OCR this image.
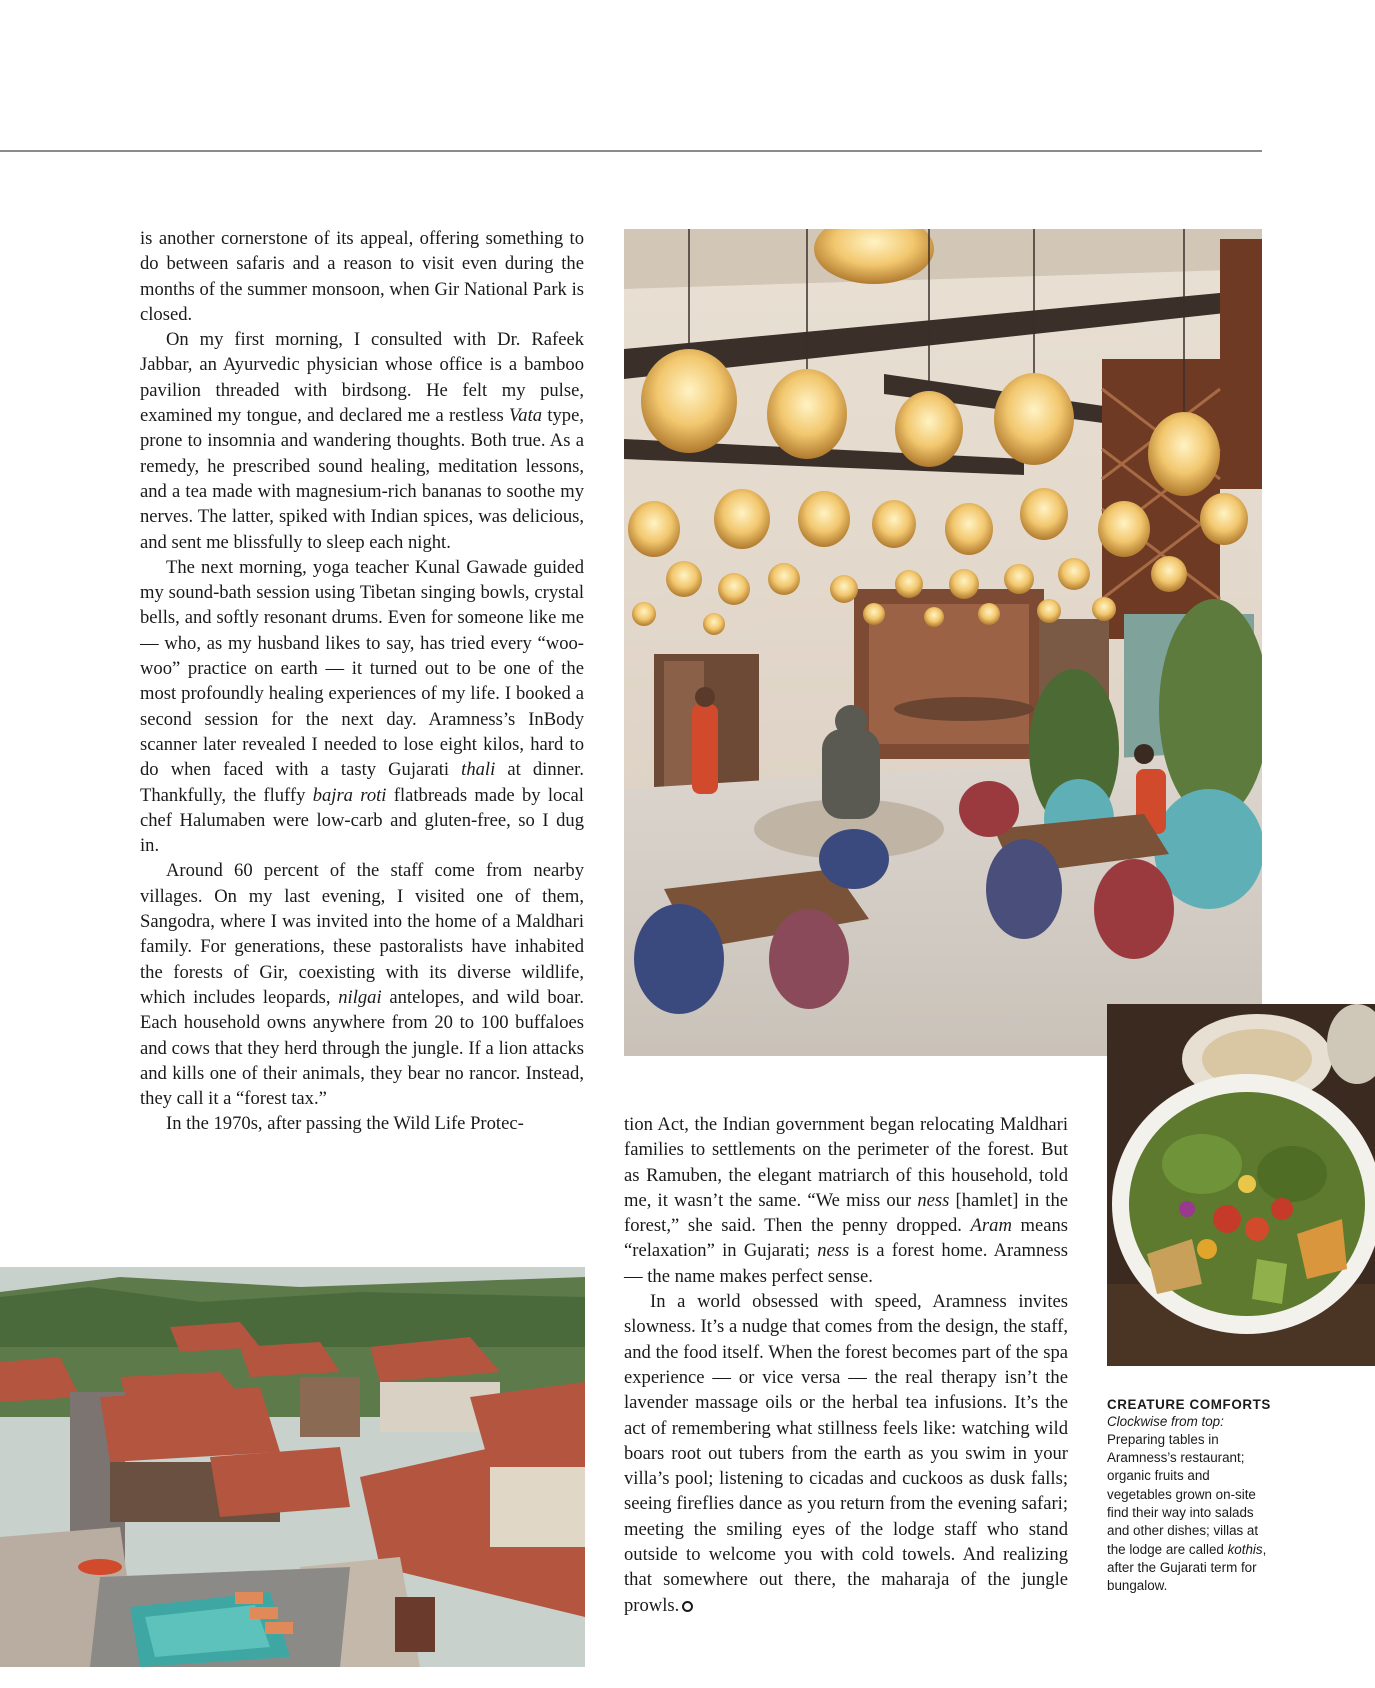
is another cornerstone of its appeal, offering something to do between safaris and a reason to visit even during the months of the summer monsoon, when Gir National Park is closed.

On my first morning, I consulted with Dr. Rafeek Jabbar, an Ayurvedic physician whose office is a bamboo pavilion threaded with birdsong. He felt my pulse, examined my tongue, and declared me a restless Vata type, prone to insomnia and wandering thoughts. Both true. As a remedy, he prescribed sound healing, meditation lessons, and a tea made with magnesium-rich bananas to soothe my nerves. The latter, spiked with Indian spices, was delicious, and sent me blissfully to sleep each night.

The next morning, yoga teacher Kunal Gawade guided my sound-bath session using Tibetan singing bowls, crystal bells, and softly resonant drums. Even for someone like me — who, as my husband likes to say, has tried every “woo-woo” practice on earth — it turned out to be one of the most profoundly healing experiences of my life. I booked a second session for the next day. Aramness’s InBody scanner later revealed I needed to lose eight kilos, hard to do when faced with a tasty Gujarati thali at dinner. Thankfully, the fluffy bajra roti flatbreads made by local chef Halumaben were low-carb and gluten-free, so I dug in.

Around 60 percent of the staff come from nearby villages. On my last evening, I visited one of them, Sangodra, where I was invited into the home of a Maldhari family. For generations, these pastoralists have inhabited the forests of Gir, coexisting with its diverse wildlife, which includes leopards, nilgai antelopes, and wild boar. Each household owns anywhere from 20 to 100 buffaloes and cows that they herd through the jungle. If a lion attacks and kills one of their animals, they bear no rancor. Instead, they call it a “forest tax.”

In the 1970s, after passing the Wild Life Protec-	tion Act, the Indian government began relocating Maldhari families to settlements on the perimeter of the forest. But as Ramuben, the elegant matriarch of this household, told me, it wasn’t the same. “We miss our ness [hamlet] in the forest,” she said. Then the penny dropped. Aram means “relaxation” in Gujarati; ness is a forest home. Aramness — the name makes perfect sense.

In a world obsessed with speed, Aramness invites slowness. It’s a nudge that comes from the design, the staff, and the food itself. When the forest becomes part of the spa experience — or vice versa — the real therapy isn’t the lavender massage oils or the herbal tea infusions. It’s the act of remembering what stillness feels like: watching wild boars root out tubers from the earth as you swim in your villa’s pool; listening to cicadas and cuckoos as dusk falls; seeing fireflies dance as you return from the evening safari; meeting the smiling eyes of the lodge staff who stand outside to welcome you with cold towels. And realizing that somewhere out there, the maharaja of the jungle prowls.

CREATURE COMFORTS
Clockwise from top: Preparing tables in Aramness’s restaurant; organic fruits and vegetables grown on-site find their way into salads and other dishes; villas at the lodge are called kothis, after the Gujarati term for bungalow.
